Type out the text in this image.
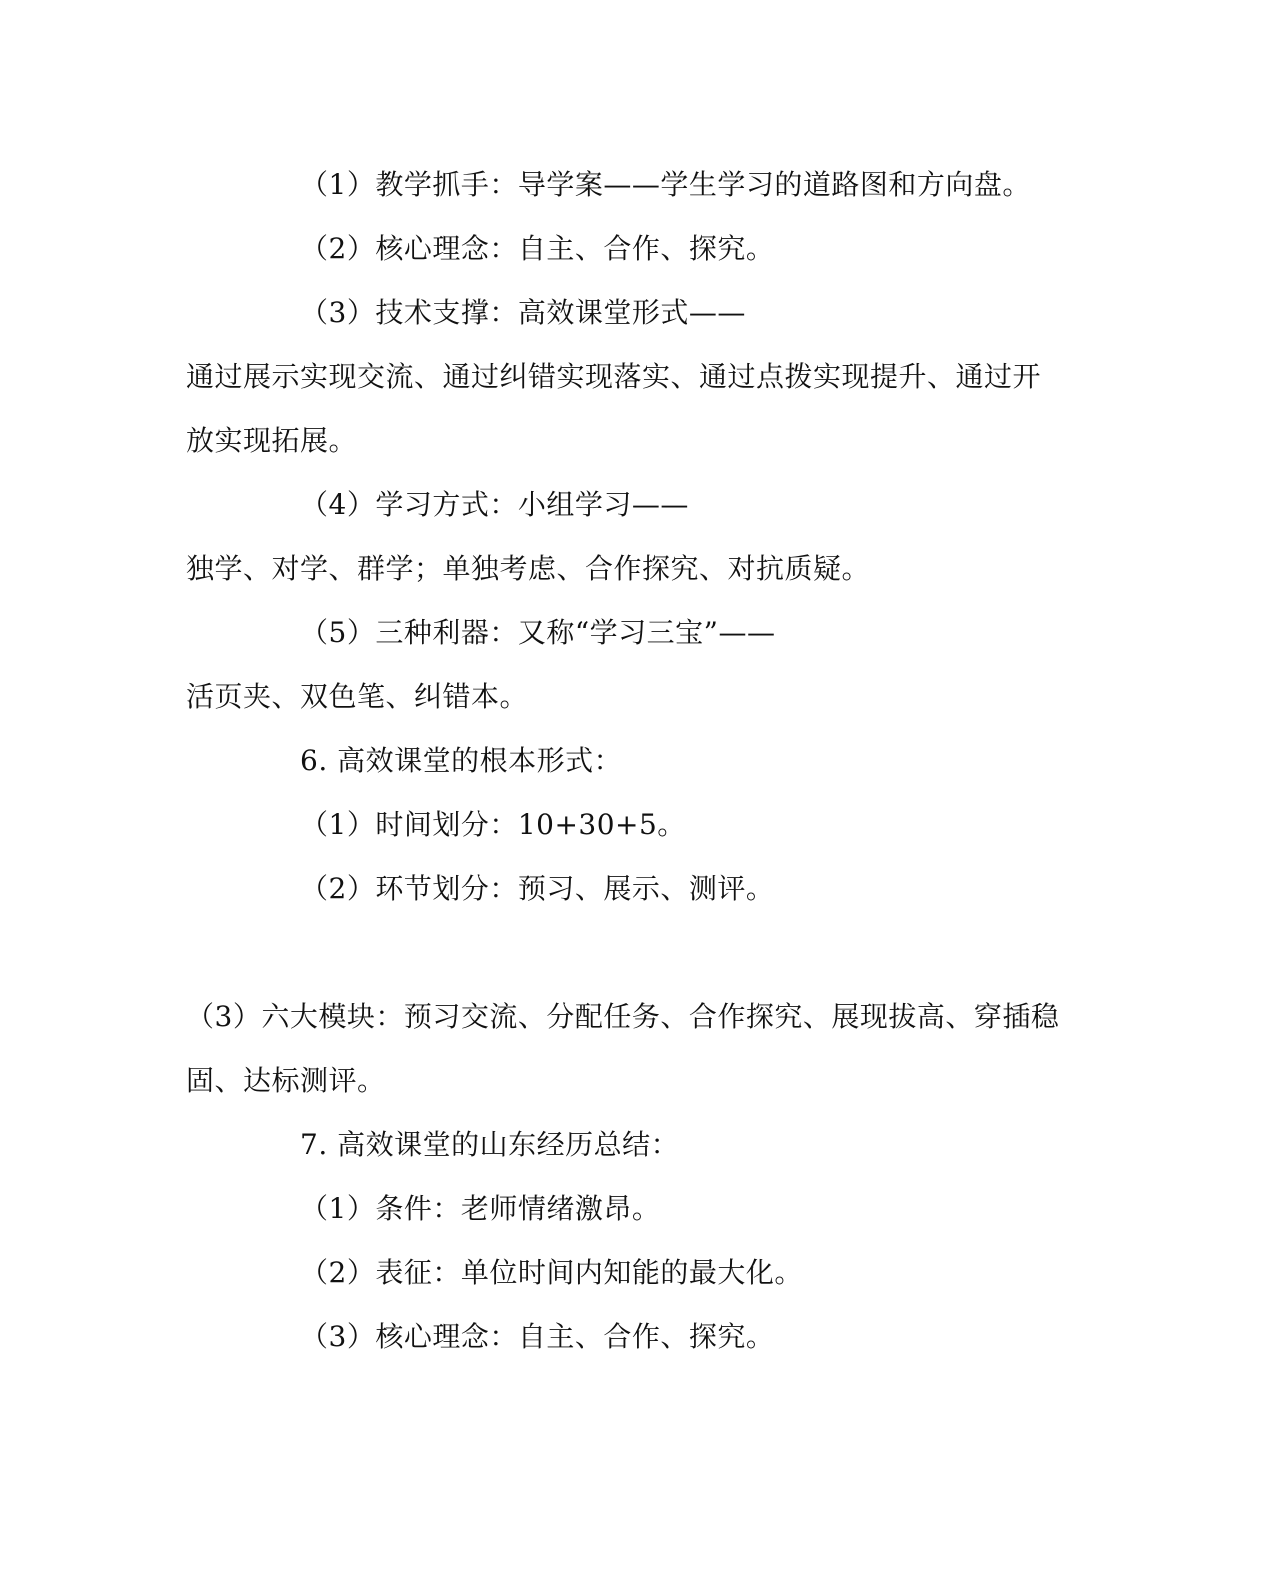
（1）教学抓手：导学案——学生学习的道路图和方向盘。
（2）核心理念：自主、合作、探究。
（3）技术支撑：高效课堂形式——
通过展示实现交流、通过纠错实现落实、通过点拨实现提升、通过开
放实现拓展。
（4）学习方式：小组学习——
独学、对学、群学；单独考虑、合作探究、对抗质疑。
（5）三种利器：又称“学习三宝”——
活页夹、双色笔、纠错本。
6. 高效课堂的根本形式：
（1）时间划分：10+30+5。
（2）环节划分：预习、展示、测评。
（3）六大模块：预习交流、分配任务、合作探究、展现拔高、穿插稳
固、达标测评。
7. 高效课堂的山东经历总结：
（1）条件：老师情绪激昂。
（2）表征：单位时间内知能的最大化。
（3）核心理念：自主、合作、探究。
